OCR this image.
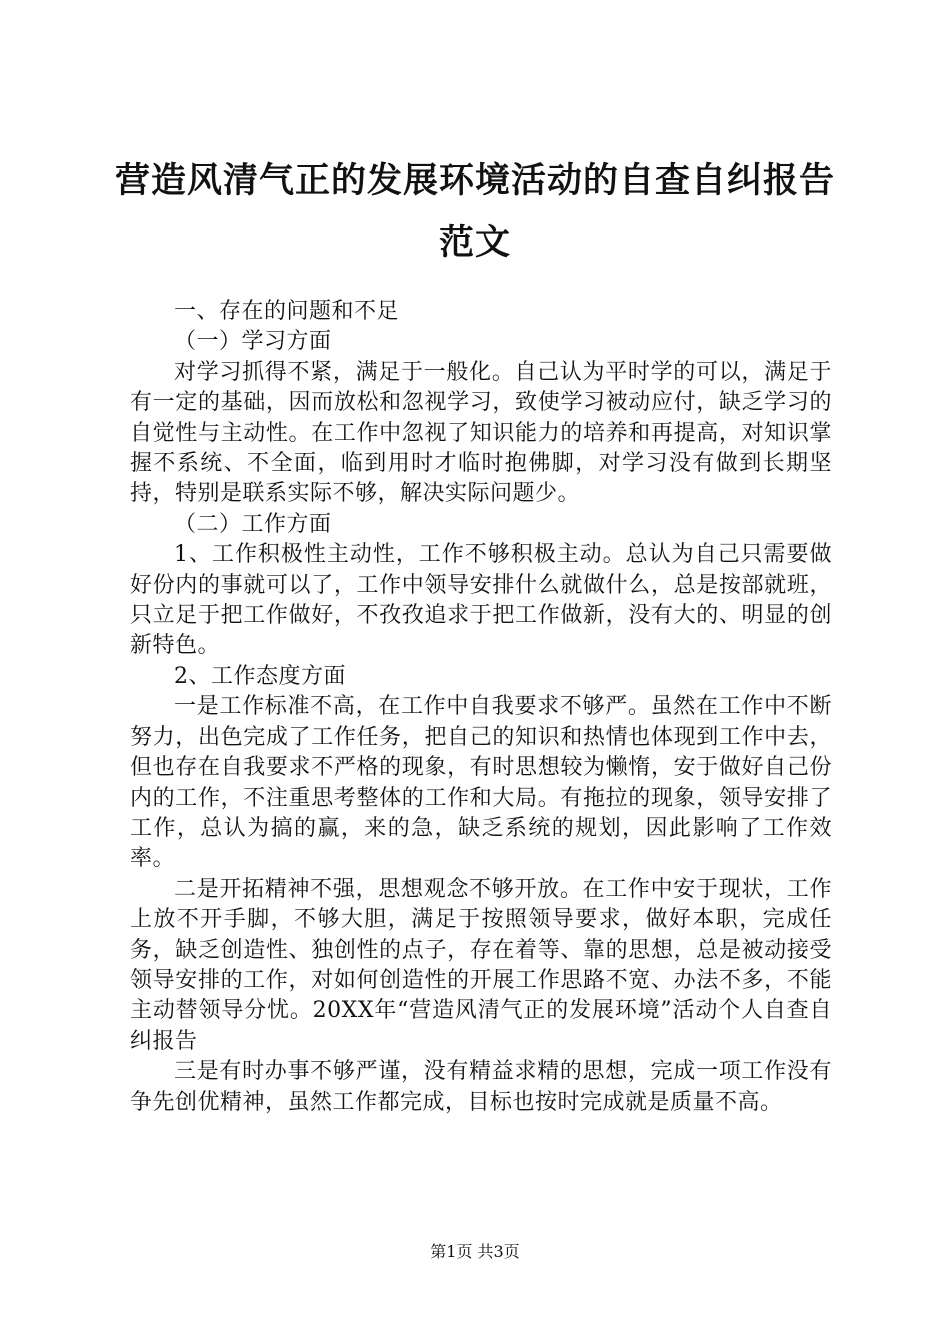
营造风清气正的发展环境活动的自查自纠报告
范文

一、存在的问题和不足

（一）学习方面

对学习抓得不紧，满足于一般化。自己认为平时学的可以，满足于有一定的基础，因而放松和忽视学习，致使学习被动应付，缺乏学习的自觉性与主动性。在工作中忽视了知识能力的培养和再提高，对知识掌握不系统、不全面，临到用时才临时抱佛脚，对学习没有做到长期坚持，特别是联系实际不够，解决实际问题少。

（二）工作方面

1、工作积极性主动性，工作不够积极主动。总认为自己只需要做好份内的事就可以了，工作中领导安排什么就做什么，总是按部就班，只立足于把工作做好，不孜孜追求于把工作做新，没有大的、明显的创新特色。

2、工作态度方面

一是工作标准不高，在工作中自我要求不够严。虽然在工作中不断努力，出色完成了工作任务，把自己的知识和热情也体现到工作中去，但也存在自我要求不严格的现象，有时思想较为懒惰，安于做好自己份内的工作，不注重思考整体的工作和大局。有拖拉的现象，领导安排了工作，总认为搞的赢，来的急，缺乏系统的规划，因此影响了工作效率。

二是开拓精神不强，思想观念不够开放。在工作中安于现状，工作上放不开手脚，不够大胆，满足于按照领导要求，做好本职，完成任务，缺乏创造性、独创性的点子，存在着等、靠的思想，总是被动接受领导安排的工作，对如何创造性的开展工作思路不宽、办法不多，不能主动替领导分忧。20XX年“营造风清气正的发展环境”活动个人自查自纠报告

三是有时办事不够严谨，没有精益求精的思想，完成一项工作没有争先创优精神，虽然工作都完成，目标也按时完成就是质量不高。

第1页 共3页
